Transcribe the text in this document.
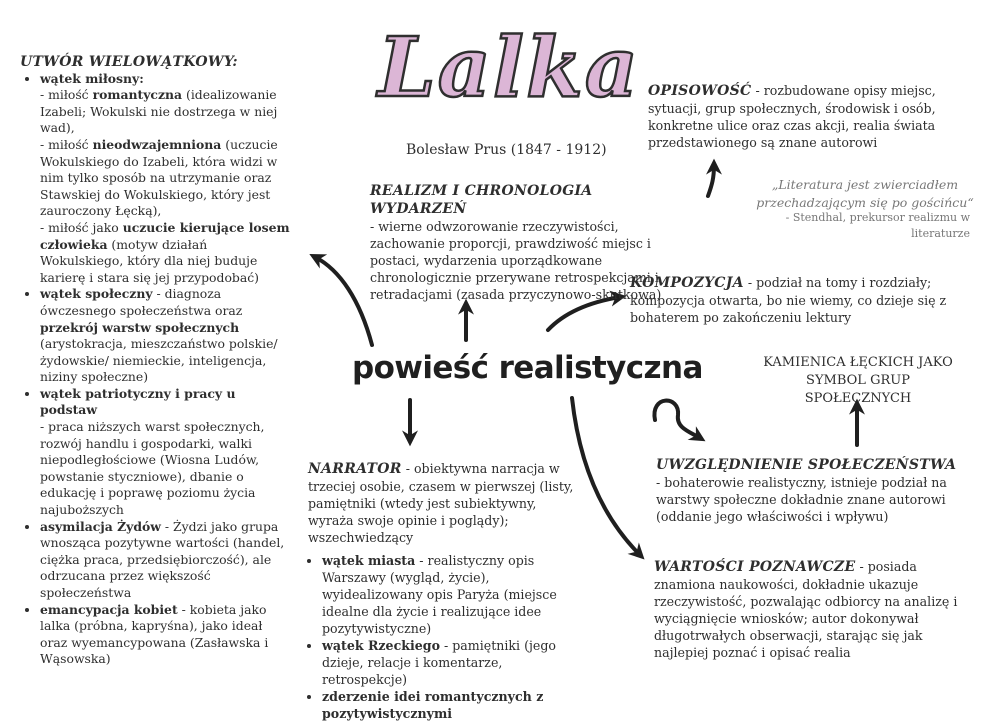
Lalka
Bolesław Prus (1847 - 1912)
powieść realistyczna
UTWÓR WIELOWĄTKOWY:
• wątek miłosny:
- miłość romantyczna (idealizowanie Izabeli; Wokulski nie dostrzega w niej wad),
- miłość nieodwzajemniona (uczucie Wokulskiego do Izabeli, która widzi w nim tylko sposób na utrzymanie oraz Stawskiej do Wokulskiego, który jest zauroczony Łęcką),
- miłość jako uczucie kierujące losem człowieka (motyw działań Wokulskiego, który dla niej buduje karierę i stara się jej przypodobać)
• wątek społeczny - diagnoza ówczesnego społeczeństwa oraz przekrój warstw społecznych (arystokracja, mieszczaństwo polskie/żydowskie/ niemieckie, inteligencja, niziny społeczne)
• wątek patriotyczny i pracy u podstaw
- praca niższych warst społecznych, rozwój handlu i gospodarki, walki niepodległościowe (Wiosna Ludów, powstanie styczniowe), dbanie o edukację i poprawę poziomu życia najuboższych
• asymilacja Żydów - Żydzi jako grupa wnosząca pozytywne wartości (handel, ciężka praca, przedsiębiorczość), ale odrzucana przez większość społeczeństwa
• emancypacja kobiet - kobieta jako lalka (próbna, kapryśna), jako ideał oraz wyemancypowana (Zasławska i Wąsowska)
REALIZM I CHRONOLOGIA WYDARZEŃ
- wierne odwzorowanie rzeczywistości, zachowanie proporcji, prawdziwość miejsc i postaci, wydarzenia uporządkowane chronologicznie przerywane retrospekcjami i retradacjami (zasada przyczynowo-skutkowa)
OPISOWOŚĆ - rozbudowane opisy miejsc, sytuacji, grup społecznych, środowisk i osób, konkretne ulice oraz czas akcji, realia świata przedstawionego są znane autorowi
„Literatura jest zwierciadłem przechadzającym się po gościńcu“
- Stendhal, prekursor realizmu w literaturze
KOMPOZYCJA - podział na tomy i rozdziały; kompozycja otwarta, bo nie wiemy, co dzieje się z bohaterem po zakończeniu lektury
KAMIENICA ŁĘCKICH JAKO SYMBOL GRUP SPOŁECZNYCH
NARRATOR - obiektywna narracja w trzeciej osobie, czasem w pierwszej (listy, pamiętniki (wtedy jest subiektywny, wyraża swoje opinie i poglądy); wszechwiedzący
• wątek miasta - realistyczny opis Warszawy (wygląd, życie), wyidealizowany opis Paryża (miejsce idealne dla życie i realizujące idee pozytywistyczne)
• wątek Rzeckiego - pamiętniki (jego dzieje, relacje i komentarze, retrospekcje)
• zderzenie idei romantycznych z pozytywistycznymi
UWZGLĘDNIENIE SPOŁECZEŃSTWA
- bohaterowie realistyczny, istnieje podział na warstwy społeczne dokładnie znane autorowi (oddanie jego właściwości i wpływu)
WARTOŚCI POZNAWCZE - posiada znamiona naukowości, dokładnie ukazuje rzeczywistość, pozwalając odbiorcy na analizę i wyciągnięcie wniosków; autor dokonywał długotrwałych obserwacji, starając się jak najlepiej poznać i opisać realia
